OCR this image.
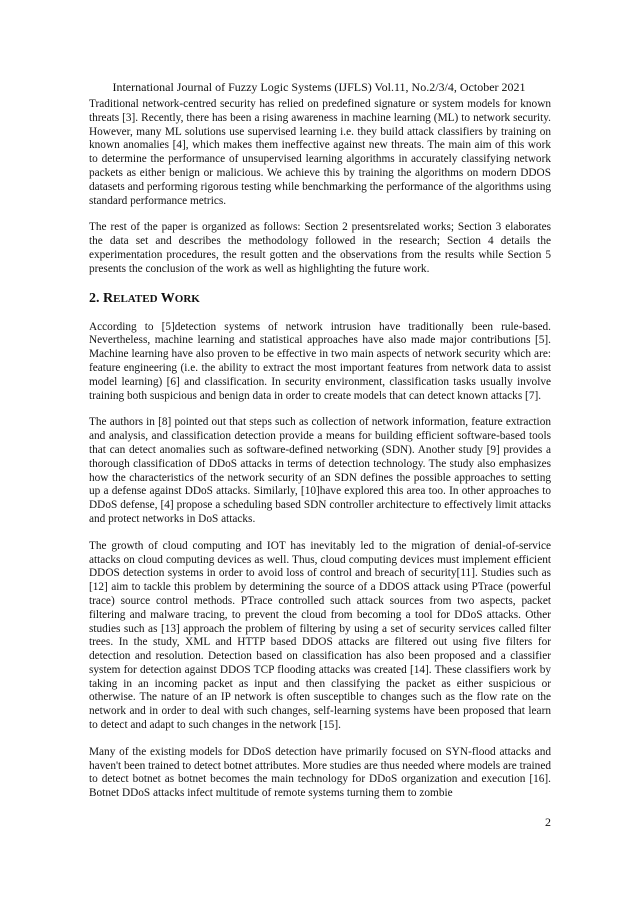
International Journal of Fuzzy Logic Systems (IJFLS) Vol.11, No.2/3/4, October 2021

Traditional network-centred security has relied on predefined signature or system models for known threats [3]. Recently, there has been a rising awareness in machine learning (ML) to network security. However, many ML solutions use supervised learning i.e. they build attack classifiers by training on known anomalies [4], which makes them ineffective against new threats. The main aim of this work to determine the performance of unsupervised learning algorithms in accurately classifying network packets as either benign or malicious. We achieve this by training the algorithms on modern DDOS datasets and performing rigorous testing while benchmarking the performance of the algorithms using standard performance metrics.

The rest of the paper is organized as follows: Section 2 presentsrelated works; Section 3 elaborates the data set and describes the methodology followed in the research; Section 4 details the experimentation procedures, the result gotten and the observations from the results while Section 5 presents the conclusion of the work as well as highlighting the future work.

2. RELATED WORK

According to [5]detection systems of network intrusion have traditionally been rule-based. Nevertheless, machine learning and statistical approaches have also made major contributions [5]. Machine learning have also proven to be effective in two main aspects of network security which are: feature engineering (i.e. the ability to extract the most important features from network data to assist model learning) [6] and classification. In security environment, classification tasks usually involve training both suspicious and benign data in order to create models that can detect known attacks [7].

The authors in [8] pointed out that steps such as collection of network information, feature extraction and analysis, and classification detection provide a means for building efficient software-based tools that can detect anomalies such as software-defined networking (SDN). Another study [9] provides a thorough classification of DDoS attacks in terms of detection technology. The study also emphasizes how the characteristics of the network security of an SDN defines the possible approaches to setting up a defense against DDoS attacks. Similarly, [10]have explored this area too. In other approaches to DDoS defense, [4] propose a scheduling based SDN controller architecture to effectively limit attacks and protect networks in DoS attacks.

The growth of cloud computing and IOT has inevitably led to the migration of denial-of-service attacks on cloud computing devices as well. Thus, cloud computing devices must implement efficient DDOS detection systems in order to avoid loss of control and breach of security[11]. Studies such as [12] aim to tackle this problem by determining the source of a DDOS attack using PTrace (powerful trace) source control methods. PTrace controlled such attack sources from two aspects, packet filtering and malware tracing, to prevent the cloud from becoming a tool for DDoS attacks. Other studies such as [13] approach the problem of filtering by using a set of security services called filter trees. In the study, XML and HTTP based DDOS attacks are filtered out using five filters for detection and resolution. Detection based on classification has also been proposed and a classifier system for detection against DDOS TCP flooding attacks was created [14]. These classifiers work by taking in an incoming packet as input and then classifying the packet as either suspicious or otherwise. The nature of an IP network is often susceptible to changes such as the flow rate on the network and in order to deal with such changes, self-learning systems have been proposed that learn to detect and adapt to such changes in the network [15].

Many of the existing models for DDoS detection have primarily focused on SYN-flood attacks and haven't been trained to detect botnet attributes. More studies are thus needed where models are trained to detect botnet as botnet becomes the main technology for DDoS organization and execution [16]. Botnet DDoS attacks infect multitude of remote systems turning them to zombie

2
